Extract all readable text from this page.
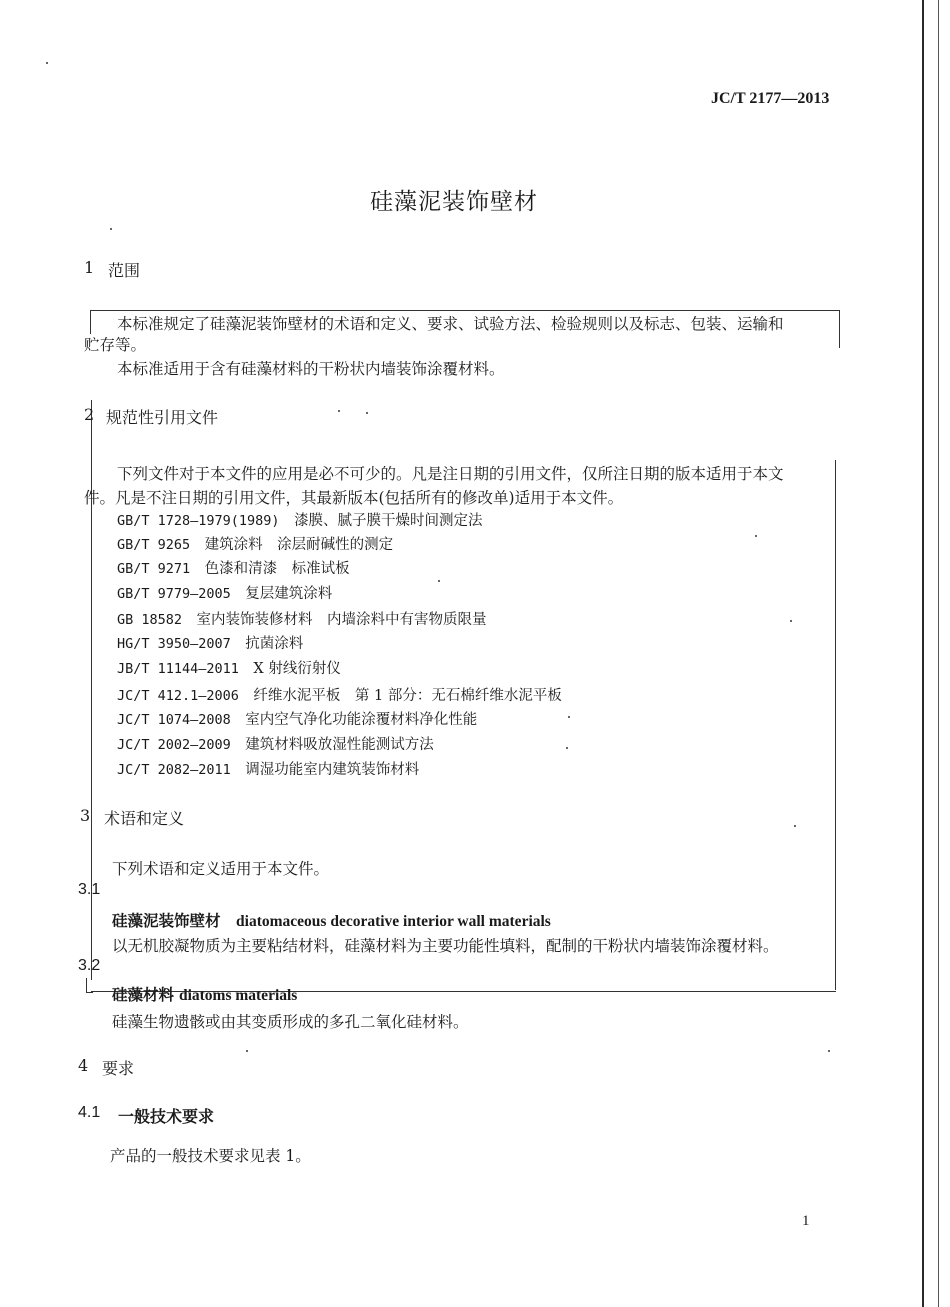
JC/T 2177—2013
硅藻泥装饰壁材
1 范围
本标准规定了硅藻泥装饰壁材的术语和定义、要求、试验方法、检验规则以及标志、包装、运输和
贮存等。
本标准适用于含有硅藻材料的干粉状内墙装饰涂覆材料。
2 规范性引用文件
下列文件对于本文件的应用是必不可少的。凡是注日期的引用文件，仅所注日期的版本适用于本文
件。凡是不注日期的引用文件，其最新版本(包括所有的修改单)适用于本文件。
GB/T 1728—1979(1989)　 漆膜、腻子膜干燥时间测定法
GB/T 9265　 建筑涂料　涂层耐碱性的测定
GB/T 9271　 色漆和清漆　标准试板
GB/T 9779—2005　 复层建筑涂料
GB 18582　 室内装饰装修材料　内墙涂料中有害物质限量
HG/T 3950—2007　 抗菌涂料
JB/T 11144—2011　 X 射线衍射仪
JC/T 412.1—2006　 纤维水泥平板　第 1 部分：无石棉纤维水泥平板
JC/T 1074—2008　 室内空气净化功能涂覆材料净化性能
JC/T 2002—2009　 建筑材料吸放湿性能测试方法
JC/T 2082—2011　 调湿功能室内建筑装饰材料
3 术语和定义
下列术语和定义适用于本文件。
3.1
硅藻泥装饰壁材　 diatomaceous decorative interior wall materials
以无机胶凝物质为主要粘结材料，硅藻材料为主要功能性填料，配制的干粉状内墙装饰涂覆材料。
3.2
硅藻材料 diatoms materials
硅藻生物遗骸或由其变质形成的多孔二氧化硅材料。
4 要求
4.1 一般技术要求
产品的一般技术要求见表 1。
1
